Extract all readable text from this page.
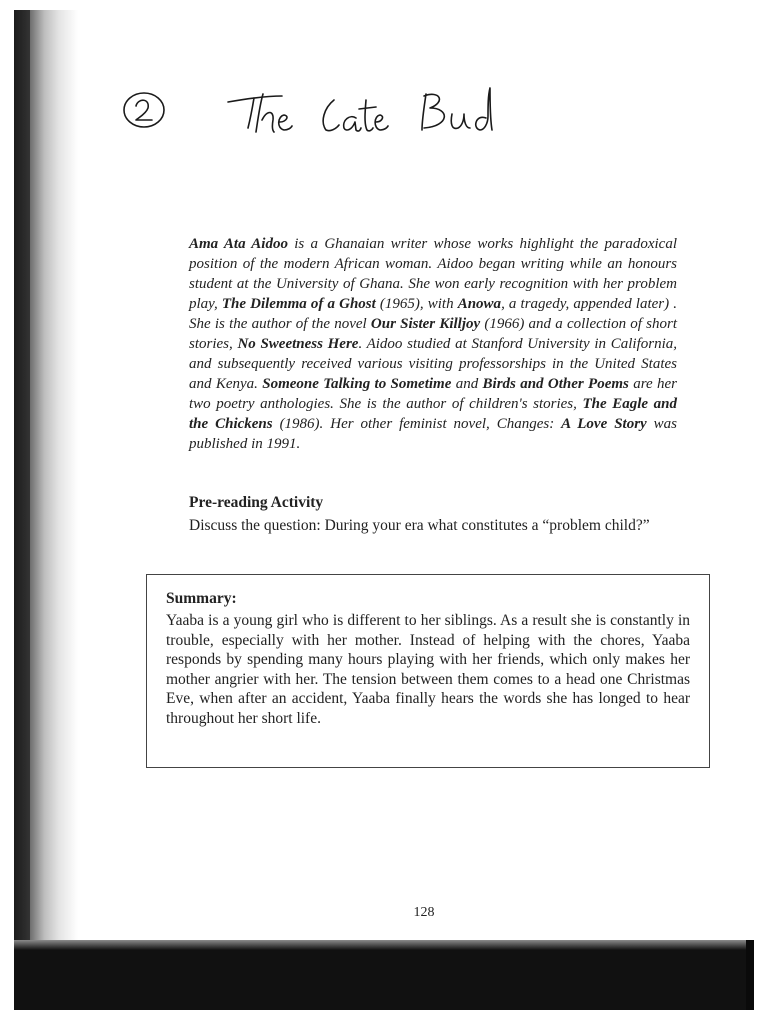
Ama Ata Aidoo is a Ghanaian writer whose works highlight the paradoxical position of the modern African woman. Aidoo began writing while an honours student at the University of Ghana. She won early recognition with her problem play, The Dilemma of a Ghost (1965), with Anowa, a tragedy, appended later) . She is the author of the novel Our Sister Killjoy (1966) and a collection of short stories, No Sweetness Here. Aidoo studied at Stanford University in California, and subsequently received various visiting professorships in the United States and Kenya. Someone Talking to Sometime and Birds and Other Poems are her two poetry anthologies. She is the author of children's stories, The Eagle and the Chickens (1986). Her other feminist novel, Changes: A Love Story was published in 1991.

Pre-reading Activity

Discuss the question: During your era what constitutes a “problem child?”

Summary:

Yaaba is a young girl who is different to her siblings. As a result she is constantly in trouble, especially with her mother. Instead of helping with the chores, Yaaba responds by spending many hours playing with her friends, which only makes her mother angrier with her. The tension between them comes to a head one Christmas Eve, when after an accident, Yaaba finally hears the words she has longed to hear throughout her short life.

128
